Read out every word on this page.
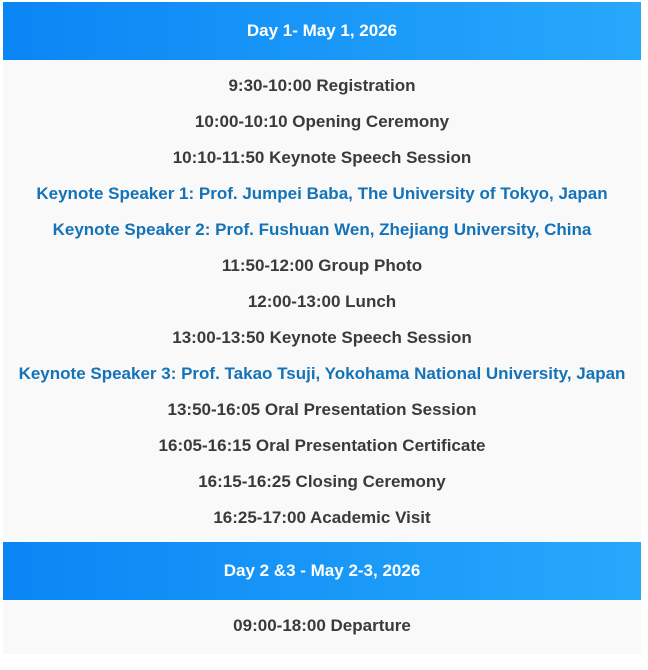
Day 1- May 1, 2026
9:30-10:00 Registration
10:00-10:10 Opening Ceremony
10:10-11:50 Keynote Speech Session
Keynote Speaker 1: Prof. Jumpei Baba, The University of Tokyo, Japan
Keynote Speaker 2: Prof. Fushuan Wen, Zhejiang University, China
11:50-12:00 Group Photo
12:00-13:00 Lunch
13:00-13:50 Keynote Speech Session
Keynote Speaker 3: Prof. Takao Tsuji, Yokohama National University, Japan
13:50-16:05 Oral Presentation Session
16:05-16:15 Oral Presentation Certificate
16:15-16:25 Closing Ceremony
16:25-17:00 Academic Visit
Day 2 &3 - May 2-3, 2026
09:00-18:00 Departure
